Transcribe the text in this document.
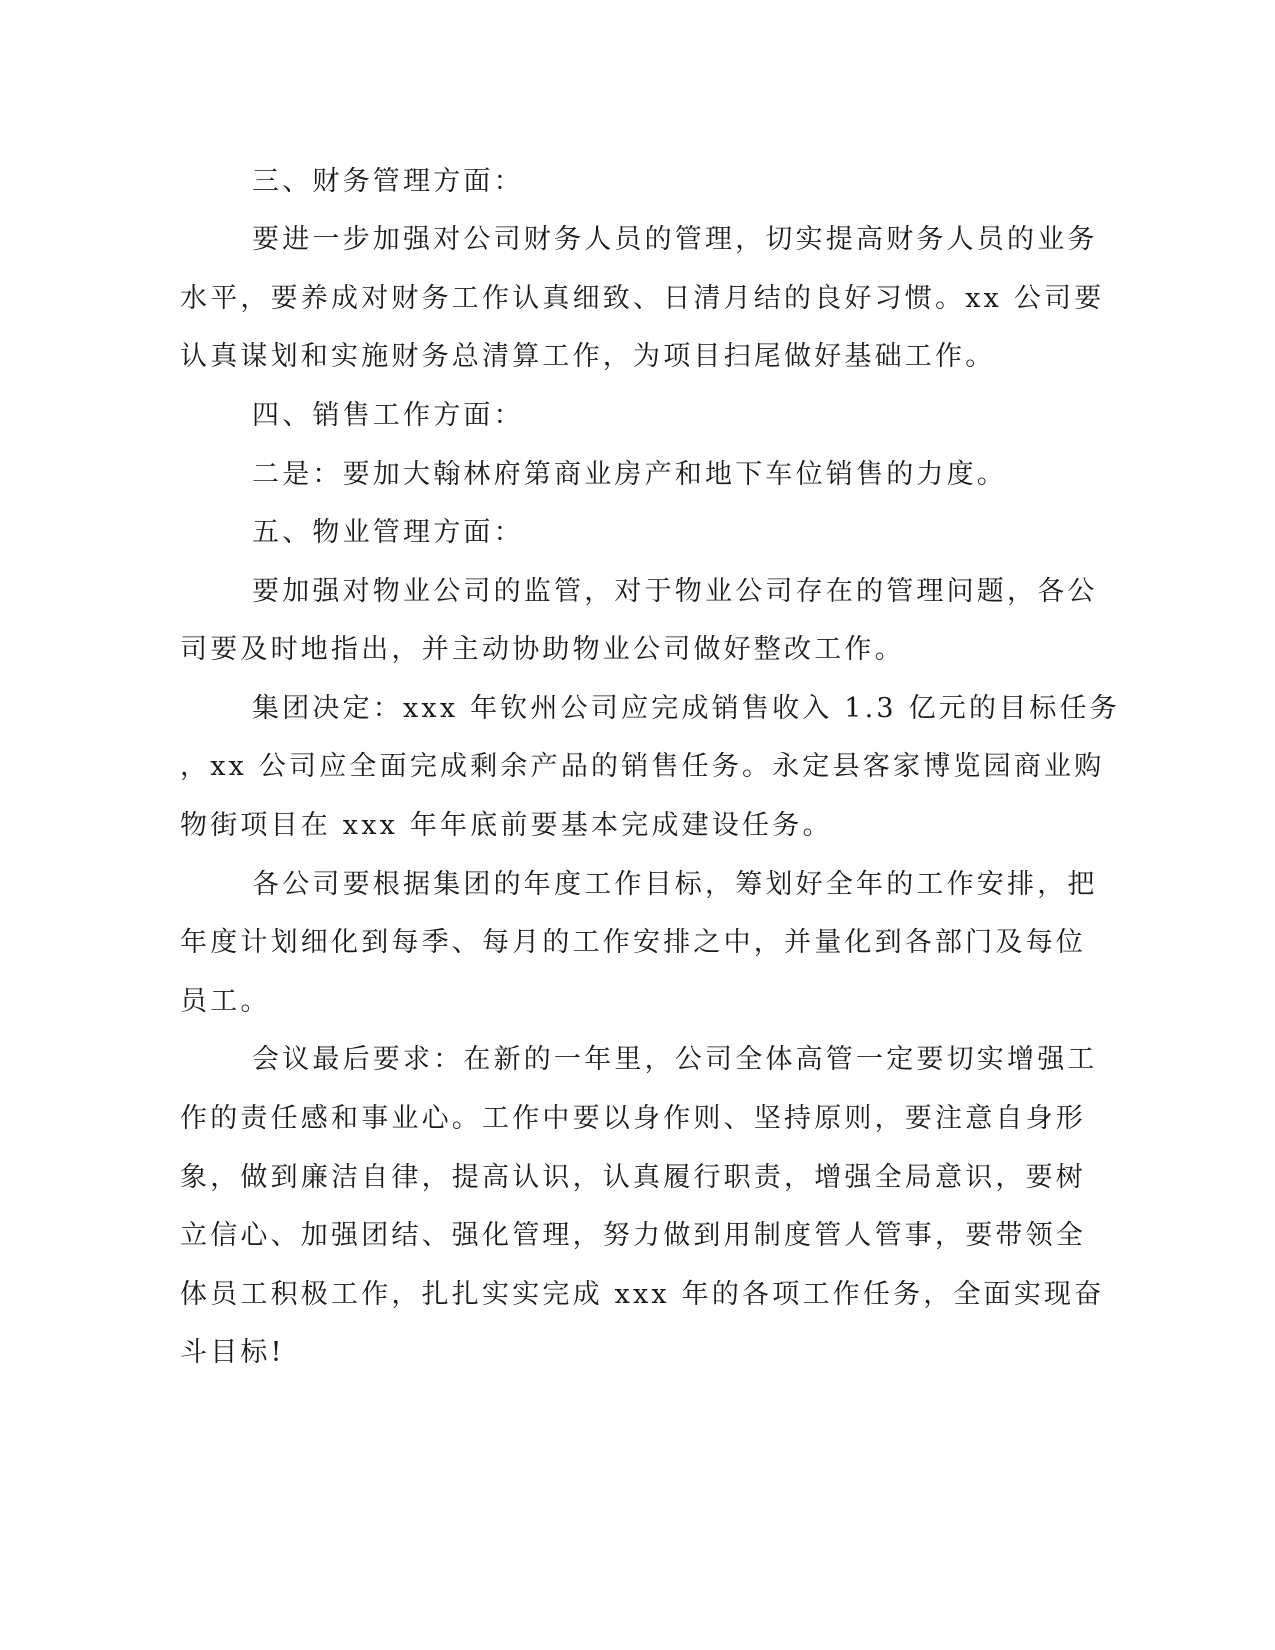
三、财务管理方面：
要进一步加强对公司财务人员的管理，切实提高财务人员的业务
水平，要养成对财务工作认真细致、日清月结的良好习惯。xx 公司要
认真谋划和实施财务总清算工作，为项目扫尾做好基础工作。
四、销售工作方面：
二是：要加大翰林府第商业房产和地下车位销售的力度。
五、物业管理方面：
要加强对物业公司的监管，对于物业公司存在的管理问题，各公
司要及时地指出，并主动协助物业公司做好整改工作。
集团决定：xxx 年钦州公司应完成销售收入 1.3 亿元的目标任务
，xx 公司应全面完成剩余产品的销售任务。永定县客家博览园商业购
物街项目在 xxx 年年底前要基本完成建设任务。
各公司要根据集团的年度工作目标，筹划好全年的工作安排，把
年度计划细化到每季、每月的工作安排之中，并量化到各部门及每位
员工。
会议最后要求：在新的一年里，公司全体高管一定要切实增强工
作的责任感和事业心。工作中要以身作则、坚持原则，要注意自身形
象，做到廉洁自律，提高认识，认真履行职责，增强全局意识，要树
立信心、加强团结、强化管理，努力做到用制度管人管事，要带领全
体员工积极工作，扎扎实实完成 xxx 年的各项工作任务，全面实现奋
斗目标!
